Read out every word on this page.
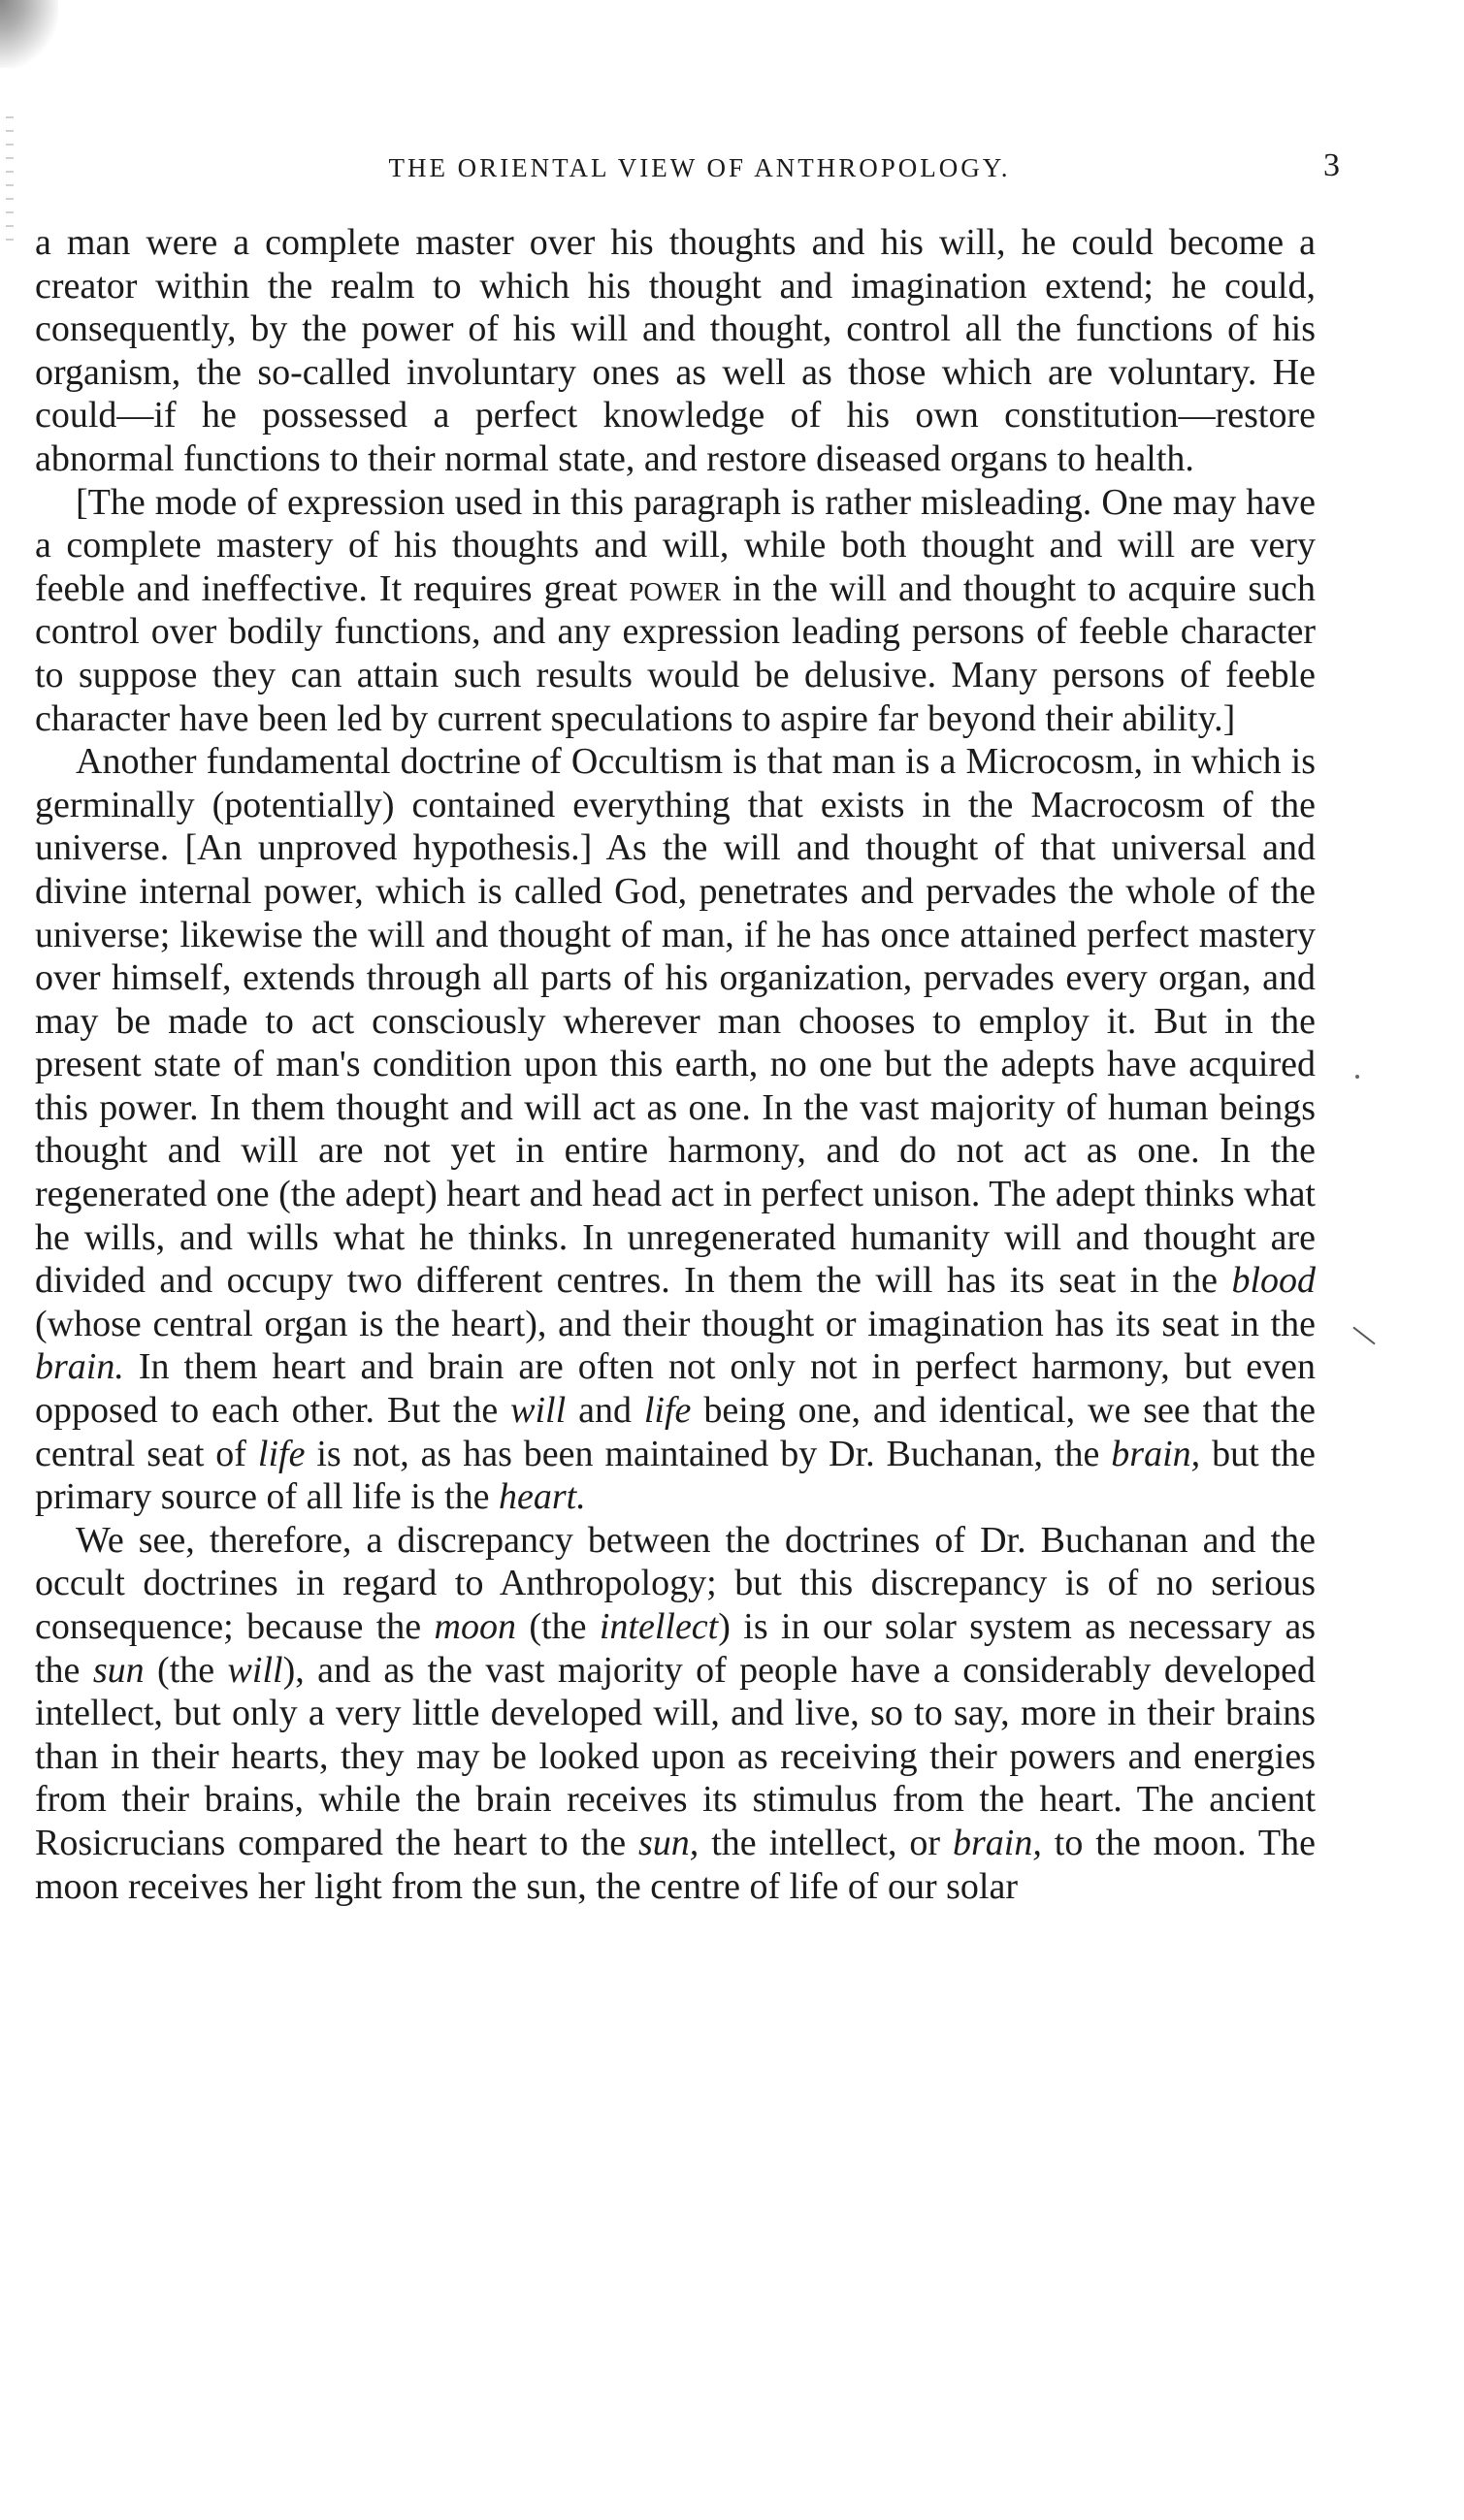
THE ORIENTAL VIEW OF ANTHROPOLOGY.	3
a man were a complete master over his thoughts and his will, he could become a creator within the realm to which his thought and imagination extend; he could, consequently, by the power of his will and thought, control all the functions of his organism, the so-called involuntary ones as well as those which are voluntary. He could—if he possessed a perfect knowledge of his own constitution—restore abnormal functions to their normal state, and restore diseased organs to health.
[The mode of expression used in this paragraph is rather misleading. One may have a complete mastery of his thoughts and will, while both thought and will are very feeble and ineffective. It requires great power in the will and thought to acquire such control over bodily functions, and any expression leading persons of feeble character to suppose they can attain such results would be delusive. Many persons of feeble character have been led by current speculations to aspire far beyond their ability.]
Another fundamental doctrine of Occultism is that man is a Microcosm, in which is germinally (potentially) contained everything that exists in the Macrocosm of the universe. [An unproved hypothesis.] As the will and thought of that universal and divine internal power, which is called God, penetrates and pervades the whole of the universe; likewise the will and thought of man, if he has once attained perfect mastery over himself, extends through all parts of his organization, pervades every organ, and may be made to act consciously wherever man chooses to employ it. But in the present state of man's condition upon this earth, no one but the adepts have acquired this power. In them thought and will act as one. In the vast majority of human beings thought and will are not yet in entire harmony, and do not act as one. In the regenerated one (the adept) heart and head act in perfect unison. The adept thinks what he wills, and wills what he thinks. In unregenerated humanity will and thought are divided and occupy two different centres. In them the will has its seat in the blood (whose central organ is the heart), and their thought or imagination has its seat in the brain. In them heart and brain are often not only not in perfect harmony, but even opposed to each other. But the will and life being one, and identical, we see that the central seat of life is not, as has been maintained by Dr. Buchanan, the brain, but the primary source of all life is the heart.
We see, therefore, a discrepancy between the doctrines of Dr. Buchanan and the occult doctrines in regard to Anthropology; but this discrepancy is of no serious consequence; because the moon (the intellect) is in our solar system as necessary as the sun (the will), and as the vast majority of people have a considerably developed intellect, but only a very little developed will, and live, so to say, more in their brains than in their hearts, they may be looked upon as receiving their powers and energies from their brains, while the brain receives its stimulus from the heart. The ancient Rosicrucians compared the heart to the sun, the intellect, or brain, to the moon. The moon receives her light from the sun, the centre of life of our solar
